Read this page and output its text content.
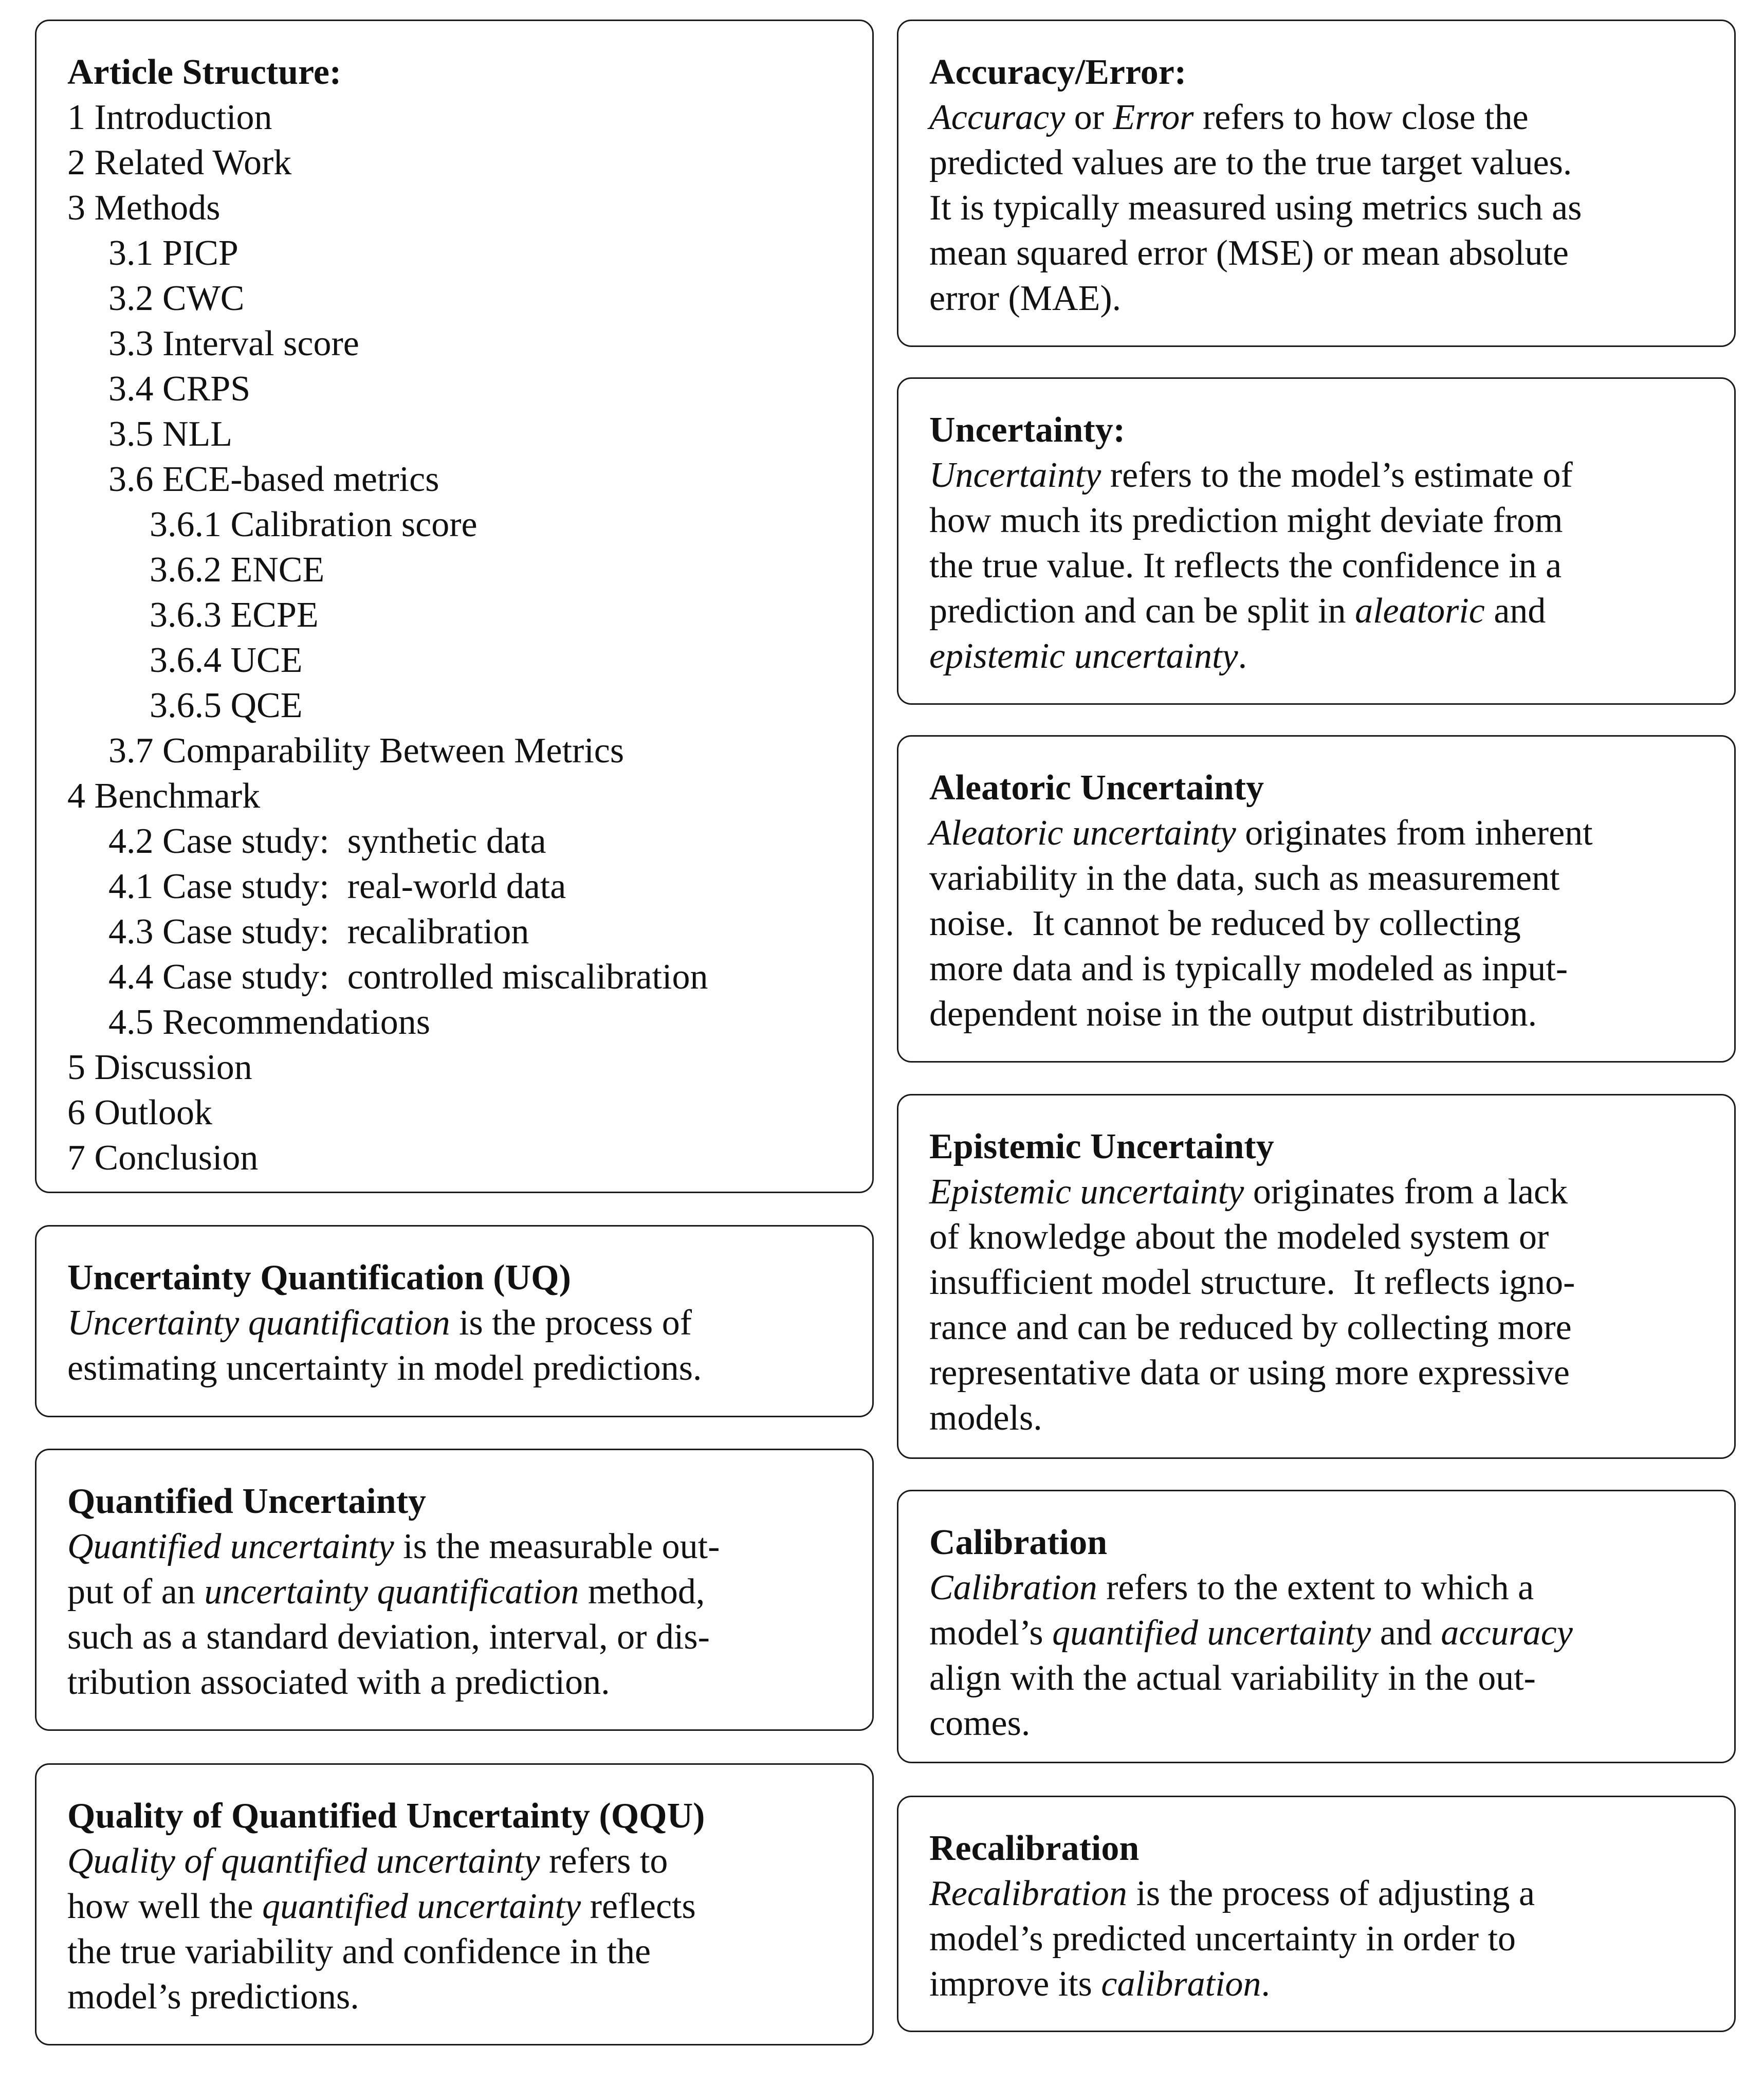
Article Structure:
1 Introduction
2 Related Work
3 Methods
3.1 PICP
3.2 CWC
3.3 Interval score
3.4 CRPS
3.5 NLL
3.6 ECE-based metrics
3.6.1 Calibration score
3.6.2 ENCE
3.6.3 ECPE
3.6.4 UCE
3.6.5 QCE
3.7 Comparability Between Metrics
4 Benchmark
4.2 Case study:  synthetic data
4.1 Case study:  real-world data
4.3 Case study:  recalibration
4.4 Case study:  controlled miscalibration
4.5 Recommendations
5 Discussion
6 Outlook
7 Conclusion
Uncertainty Quantification (UQ)
Uncertainty quantification is the process of
estimating uncertainty in model predictions.
Quantified Uncertainty
Quantified uncertainty is the measurable out-
put of an uncertainty quantification method,
such as a standard deviation, interval, or dis-
tribution associated with a prediction.
Quality of Quantified Uncertainty (QQU)
Quality of quantified uncertainty refers to
how well the quantified uncertainty reflects
the true variability and confidence in the
model’s predictions.
Accuracy/Error:
Accuracy or Error refers to how close the
predicted values are to the true target values.
It is typically measured using metrics such as
mean squared error (MSE) or mean absolute
error (MAE).
Uncertainty:
Uncertainty refers to the model’s estimate of
how much its prediction might deviate from
the true value. It reflects the confidence in a
prediction and can be split in aleatoric and
epistemic uncertainty.
Aleatoric Uncertainty
Aleatoric uncertainty originates from inherent
variability in the data, such as measurement
noise.  It cannot be reduced by collecting
more data and is typically modeled as input-
dependent noise in the output distribution.
Epistemic Uncertainty
Epistemic uncertainty originates from a lack
of knowledge about the modeled system or
insufficient model structure.  It reflects igno-
rance and can be reduced by collecting more
representative data or using more expressive
models.
Calibration
Calibration refers to the extent to which a
model’s quantified uncertainty and accuracy
align with the actual variability in the out-
comes.
Recalibration
Recalibration is the process of adjusting a
model’s predicted uncertainty in order to
improve its calibration.
